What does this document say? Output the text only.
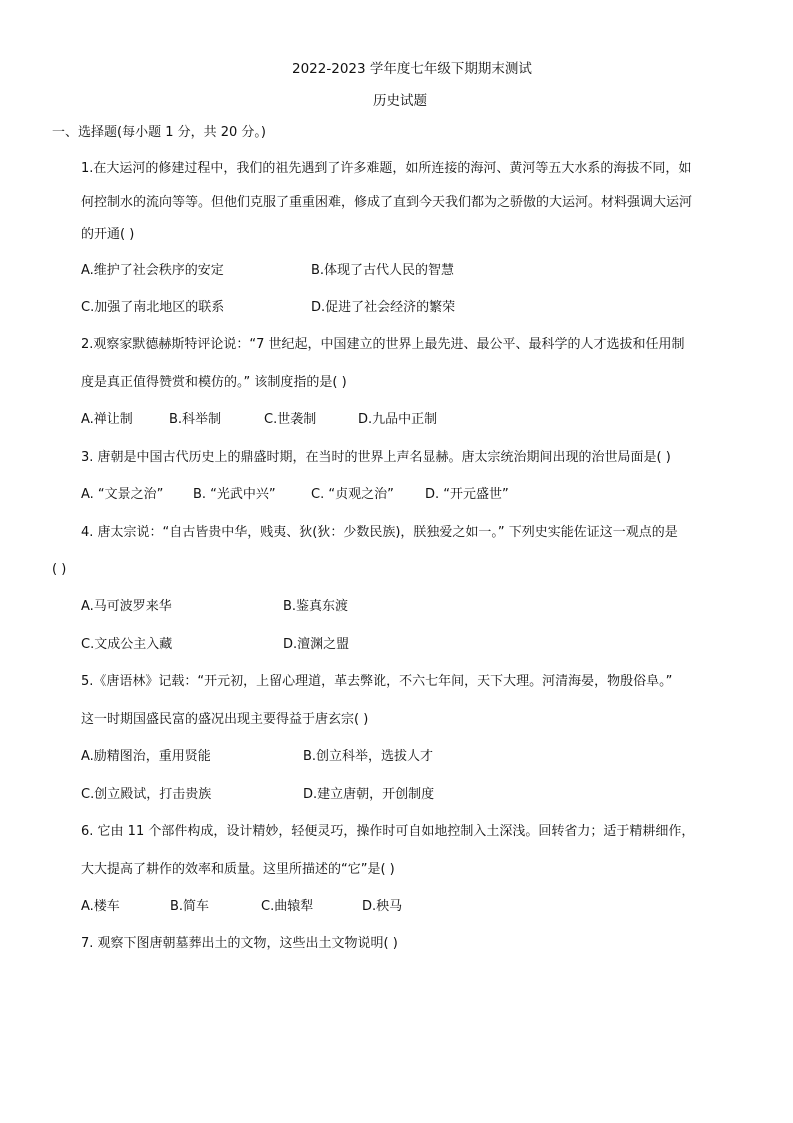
2022-2023 学年度七年级下期期末测试
历史试题
一、选择题(每小题 1 分，共 20 分。)
1.在大运河的修建过程中，我们的祖先遇到了许多难题，如所连接的海河、黄河等五大水系的海拔不同，如
何控制水的流向等等。但他们克服了重重困难，修成了直到今天我们都为之骄傲的大运河。材料强调大运河
的开通( )
A.维护了社会秩序的安定	B.体现了古代人民的智慧
C.加强了南北地区的联系	D.促进了社会经济的繁荣
2.观察家默德赫斯特评论说：“7 世纪起，中国建立的世界上最先进、最公平、最科学的人才选拔和任用制
度是真正值得赞赏和模仿的。” 该制度指的是( )
A.禅让制	B.科举制	C.世袭制	D.九品中正制
3. 唐朝是中国古代历史上的鼎盛时期，在当时的世界上声名显赫。唐太宗统治期间出现的治世局面是( )
A. “文景之治” B. “光武中兴”	C. “贞观之治” D. “开元盛世”
4. 唐太宗说：“自古皆贵中华，贱夷、狄(狄：少数民族)，朕独爱之如一。” 下列史实能佐证这一观点的是
( )
A.马可波罗来华	B.鉴真东渡
C.文成公主入藏	D.澶渊之盟
5.《唐语林》记载：“开元初，上留心理道，革去弊讹，不六七年间，天下大理。河清海晏，物殷俗阜。”
这一时期国盛民富的盛况出现主要得益于唐玄宗( )
A.励精图治，重用贤能	B.创立科举，选拔人才
C.创立殿试，打击贵族	D.建立唐朝，开创制度
6. 它由 11 个部件构成，设计精妙，轻便灵巧，操作时可自如地控制入土深浅。回转省力；适于精耕细作，
大大提高了耕作的效率和质量。这里所描述的“它”是( )
A.楼车	B.简车	C.曲辕犁	D.秧马
7. 观察下图唐朝墓葬出土的文物，这些出土文物说明( )
